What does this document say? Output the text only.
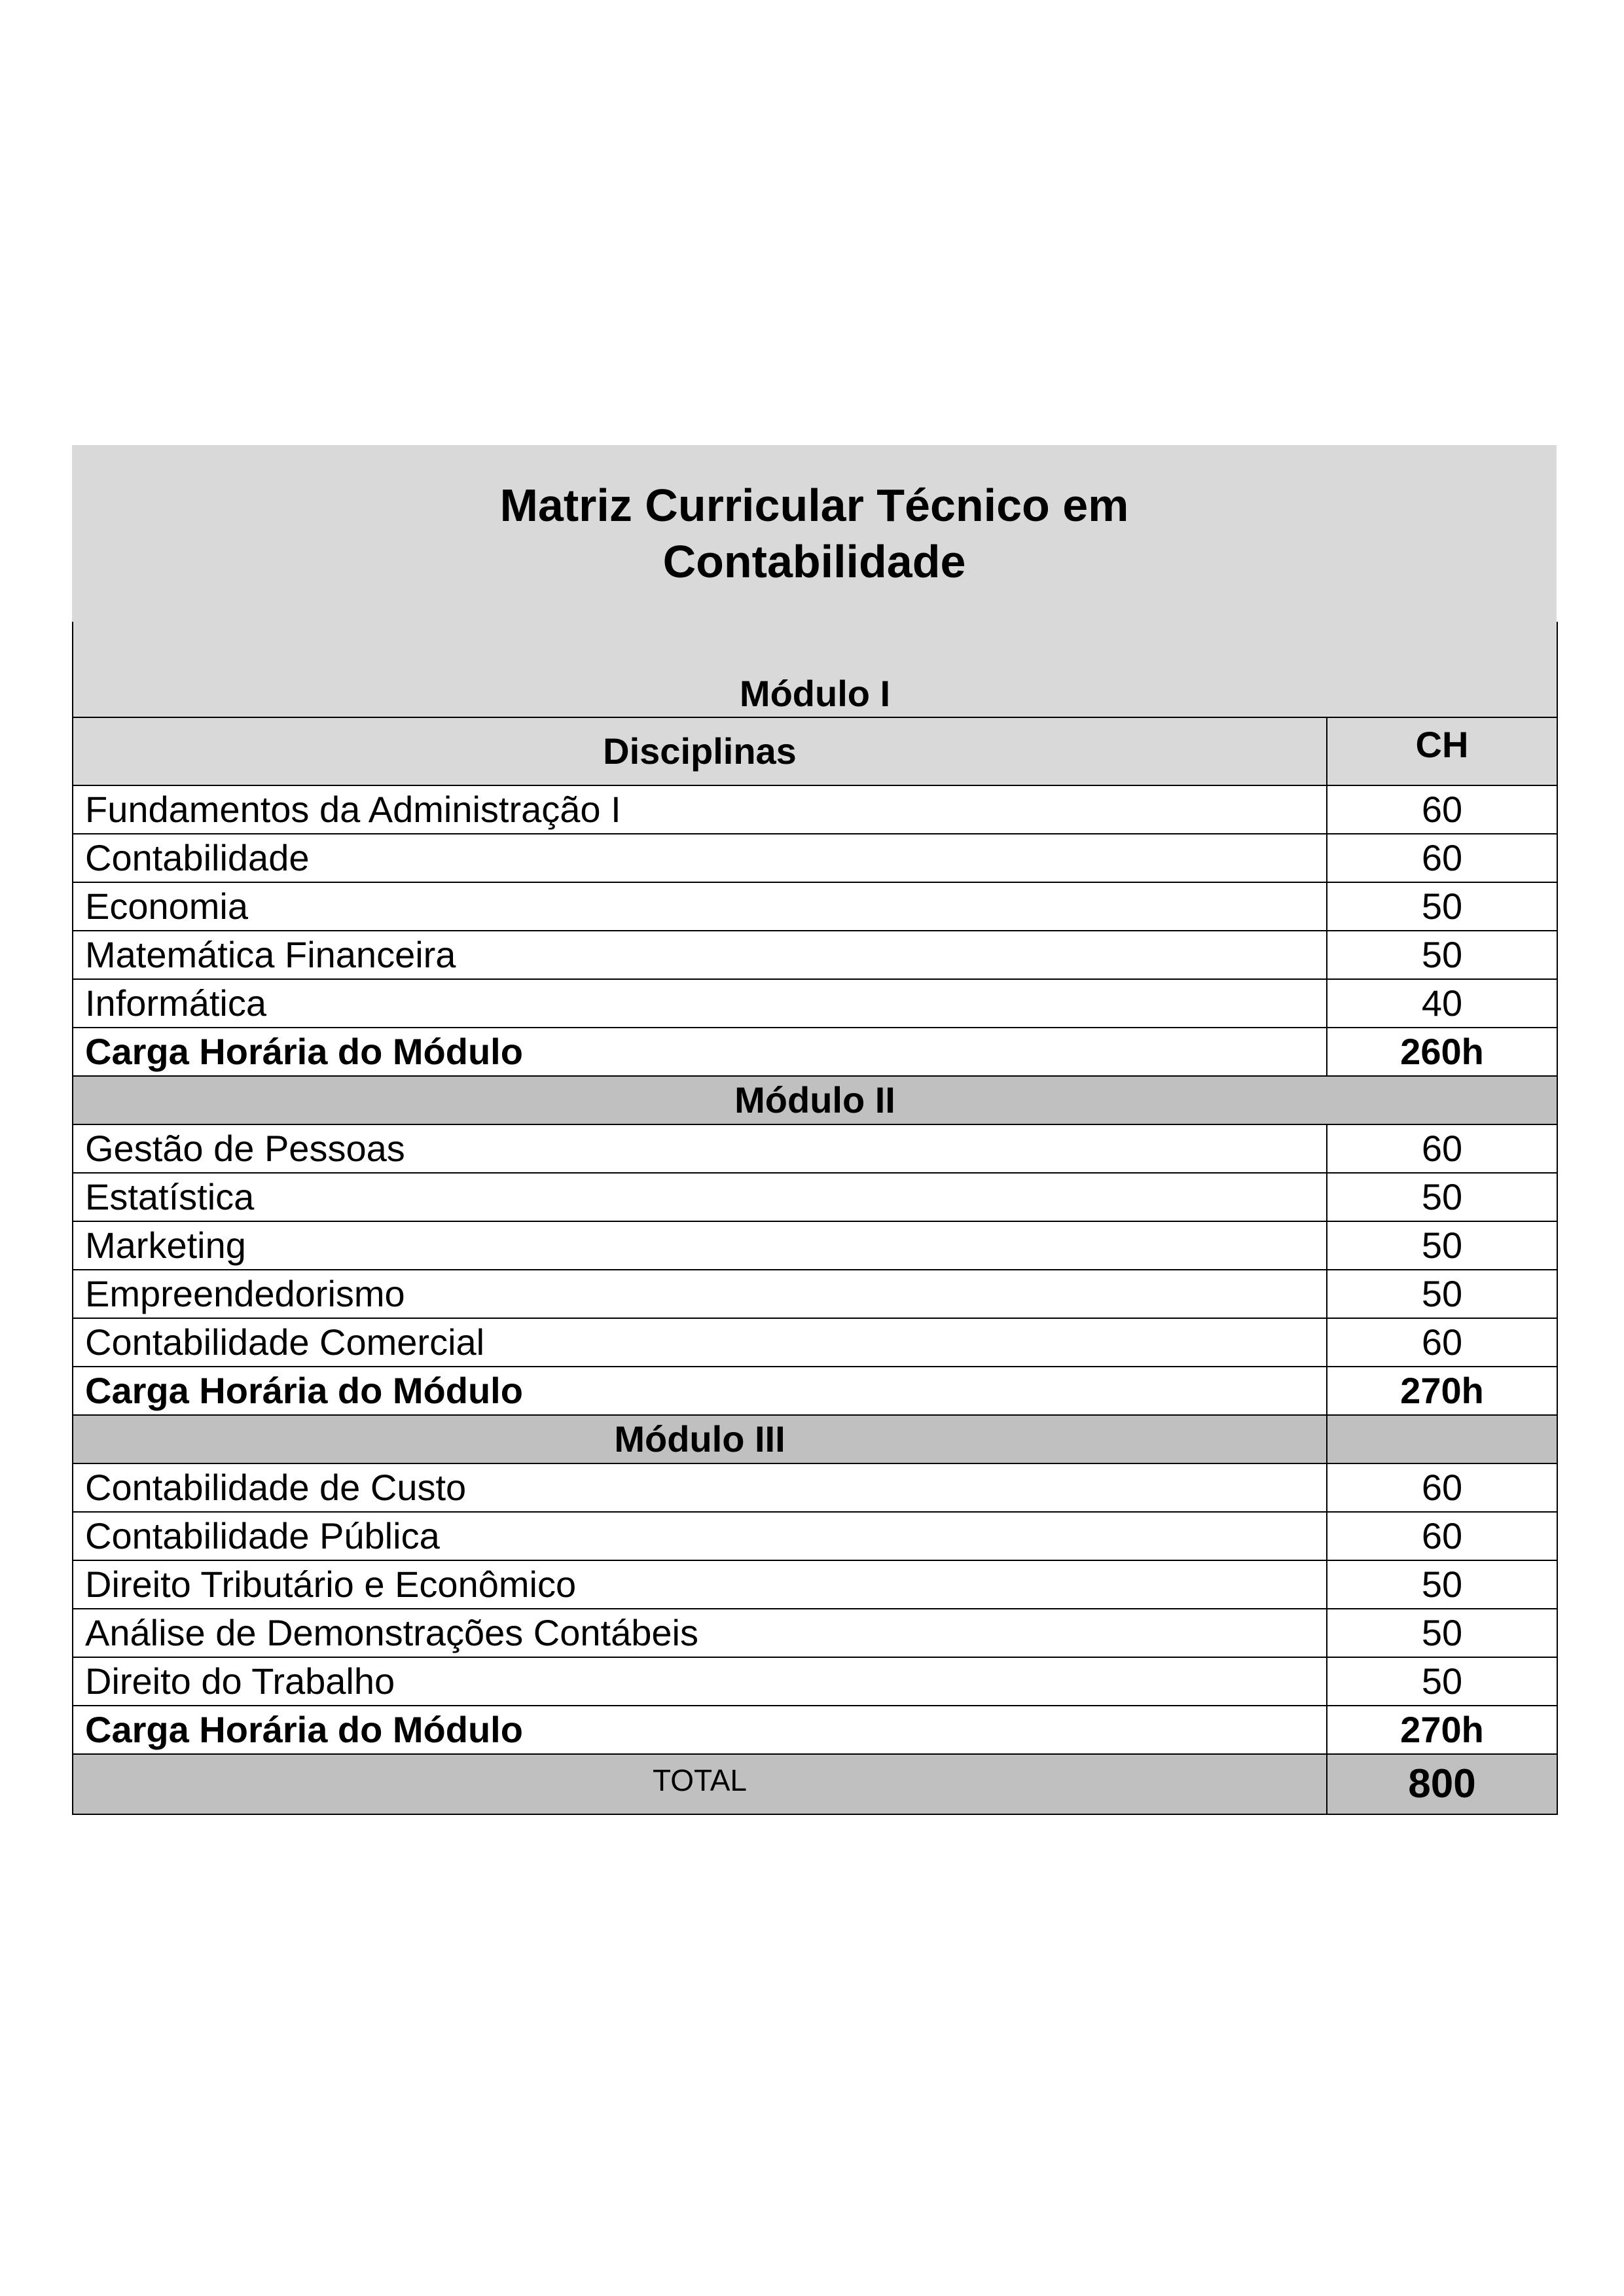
Matriz Curricular Técnico em
Contabilidade
Módulo I	
Disciplinas	CH
Fundamentos da Administração I	60
Contabilidade	60
Economia	50
Matemática Financeira	50
Informática	40
Carga Horária do Módulo	260h
Módulo II	
Gestão de Pessoas	60
Estatística	50
Marketing	50
Empreendedorismo	50
Contabilidade Comercial	60
Carga Horária do Módulo	270h
Módulo III	
Contabilidade de Custo	60
Contabilidade Pública	60
Direito Tributário e Econômico	50
Análise de Demonstrações Contábeis	50
Direito do Trabalho	50
Carga Horária do Módulo	270h
TOTAL	800
